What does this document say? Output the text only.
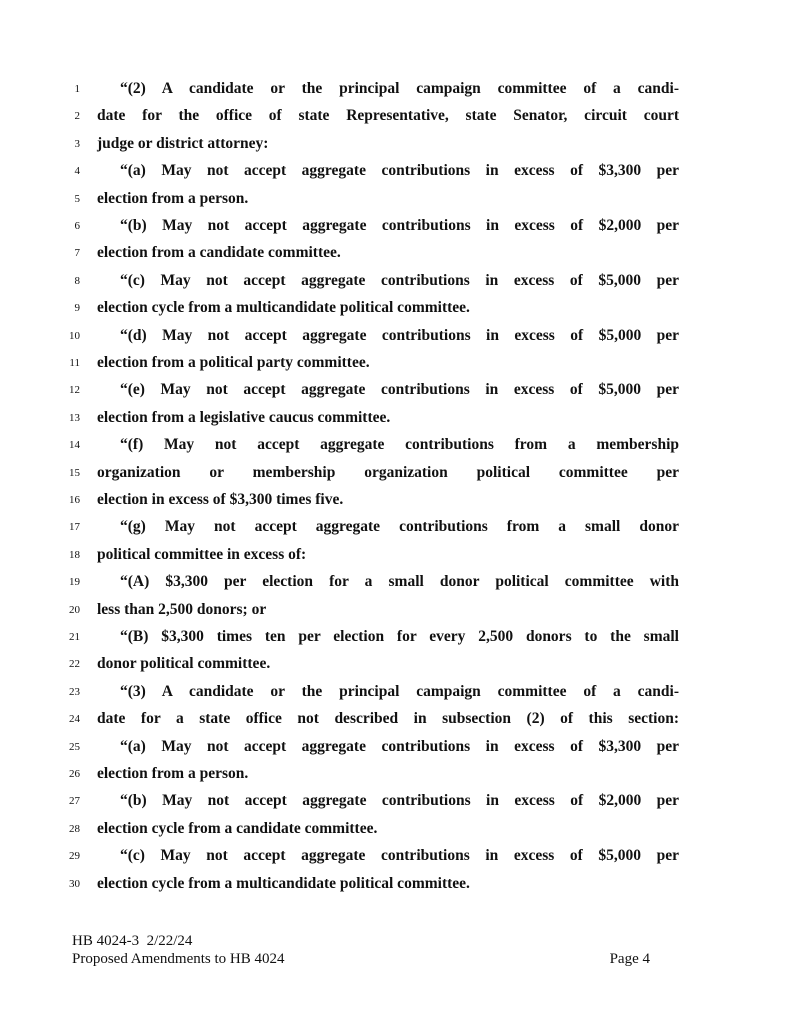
1	“(2) A candidate or the principal campaign committee of a candi-
2 date for the office of state Representative, state Senator, circuit court
3 judge or district attorney:
4	“(a) May not accept aggregate contributions in excess of $3,300 per
5 election from a person.
6	“(b) May not accept aggregate contributions in excess of $2,000 per
7 election from a candidate committee.
8	“(c) May not accept aggregate contributions in excess of $5,000 per
9 election cycle from a multicandidate political committee.
10	“(d) May not accept aggregate contributions in excess of $5,000 per
11 election from a political party committee.
12	“(e) May not accept aggregate contributions in excess of $5,000 per
13 election from a legislative caucus committee.
14	“(f) May not accept aggregate contributions from a membership
15 organization or membership organization political committee per
16 election in excess of $3,300 times five.
17	“(g) May not accept aggregate contributions from a small donor
18 political committee in excess of:
19	“(A) $3,300 per election for a small donor political committee with
20 less than 2,500 donors; or
21	“(B) $3,300 times ten per election for every 2,500 donors to the small
22 donor political committee.
23	“(3) A candidate or the principal campaign committee of a candi-
24 date for a state office not described in subsection (2) of this section:
25	“(a) May not accept aggregate contributions in excess of $3,300 per
26 election from a person.
27	“(b) May not accept aggregate contributions in excess of $2,000 per
28 election cycle from a candidate committee.
29	“(c) May not accept aggregate contributions in excess of $5,000 per
30 election cycle from a multicandidate political committee.
HB 4024-3  2/22/24
Proposed Amendments to HB 4024	Page 4
